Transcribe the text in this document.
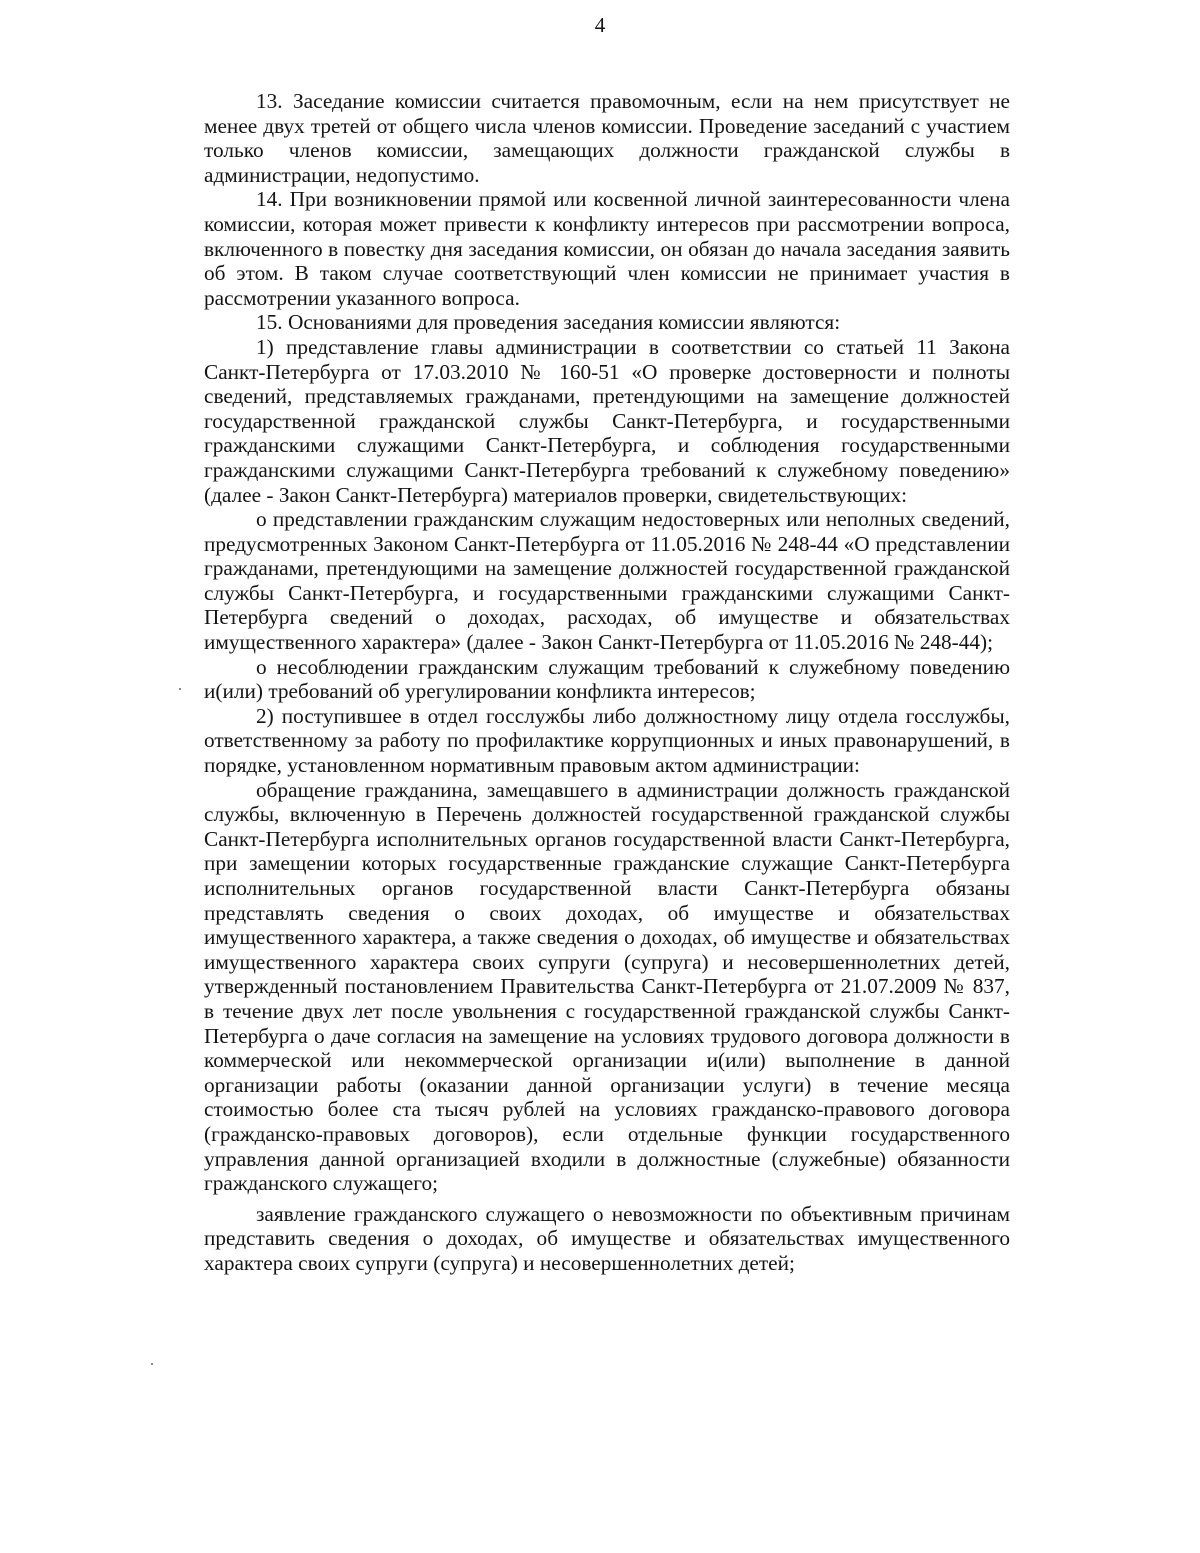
4

13. Заседание комиссии считается правомочным, если на нем присутствует не менее двух третей от общего числа членов комиссии. Проведение заседаний с участием только членов комиссии, замещающих должности гражданской службы в администрации, недопустимо.

14. При возникновении прямой или косвенной личной заинтересованности члена комиссии, которая может привести к конфликту интересов при рассмотрении вопроса, включенного в повестку дня заседания комиссии, он обязан до начала заседания заявить об этом. В таком случае соответствующий член комиссии не принимает участия в рассмотрении указанного вопроса.

15. Основаниями для проведения заседания комиссии являются:

1) представление главы администрации в соответствии со статьей 11 Закона Санкт-Петербурга от 17.03.2010 № 160-51 «О проверке достоверности и полноты сведений, представляемых гражданами, претендующими на замещение должностей государственной гражданской службы Санкт-Петербурга, и государственными гражданскими служащими Санкт-Петербурга, и соблюдения государственными гражданскими служащими Санкт-Петербурга требований к служебному поведению» (далее - Закон Санкт-Петербурга) материалов проверки, свидетельствующих:

о представлении гражданским служащим недостоверных или неполных сведений, предусмотренных Законом Санкт-Петербурга от 11.05.2016 № 248-44 «О представлении гражданами, претендующими на замещение должностей государственной гражданской службы Санкт-Петербурга, и государственными гражданскими служащими Санкт-Петербурга сведений о доходах, расходах, об имуществе и обязательствах имущественного характера» (далее - Закон Санкт-Петербурга от 11.05.2016 № 248-44);

о несоблюдении гражданским служащим требований к служебному поведению и(или) требований об урегулировании конфликта интересов;

2) поступившее в отдел госслужбы либо должностному лицу отдела госслужбы, ответственному за работу по профилактике коррупционных и иных правонарушений, в порядке, установленном нормативным правовым актом администрации:

обращение гражданина, замещавшего в администрации должность гражданской службы, включенную в Перечень должностей государственной гражданской службы Санкт-Петербурга исполнительных органов государственной власти Санкт-Петербурга, при замещении которых государственные гражданские служащие Санкт-Петербурга исполнительных органов государственной власти Санкт-Петербурга обязаны представлять сведения о своих доходах, об имуществе и обязательствах имущественного характера, а также сведения о доходах, об имуществе и обязательствах имущественного характера своих супруги (супруга) и несовершеннолетних детей, утвержденный постановлением Правительства Санкт-Петербурга от 21.07.2009 № 837, в течение двух лет после увольнения с государственной гражданской службы Санкт-Петербурга о даче согласия на замещение на условиях трудового договора должности в коммерческой или некоммерческой организации и(или) выполнение в данной организации работы (оказании данной организации услуги) в течение месяца стоимостью более ста тысяч рублей на условиях гражданско-правового договора (гражданско-правовых договоров), если отдельные функции государственного управления данной организацией входили в должностные (служебные) обязанности гражданского служащего;

заявление гражданского служащего о невозможности по объективным причинам представить сведения о доходах, об имуществе и обязательствах имущественного характера своих супруги (супруга) и несовершеннолетних детей;
